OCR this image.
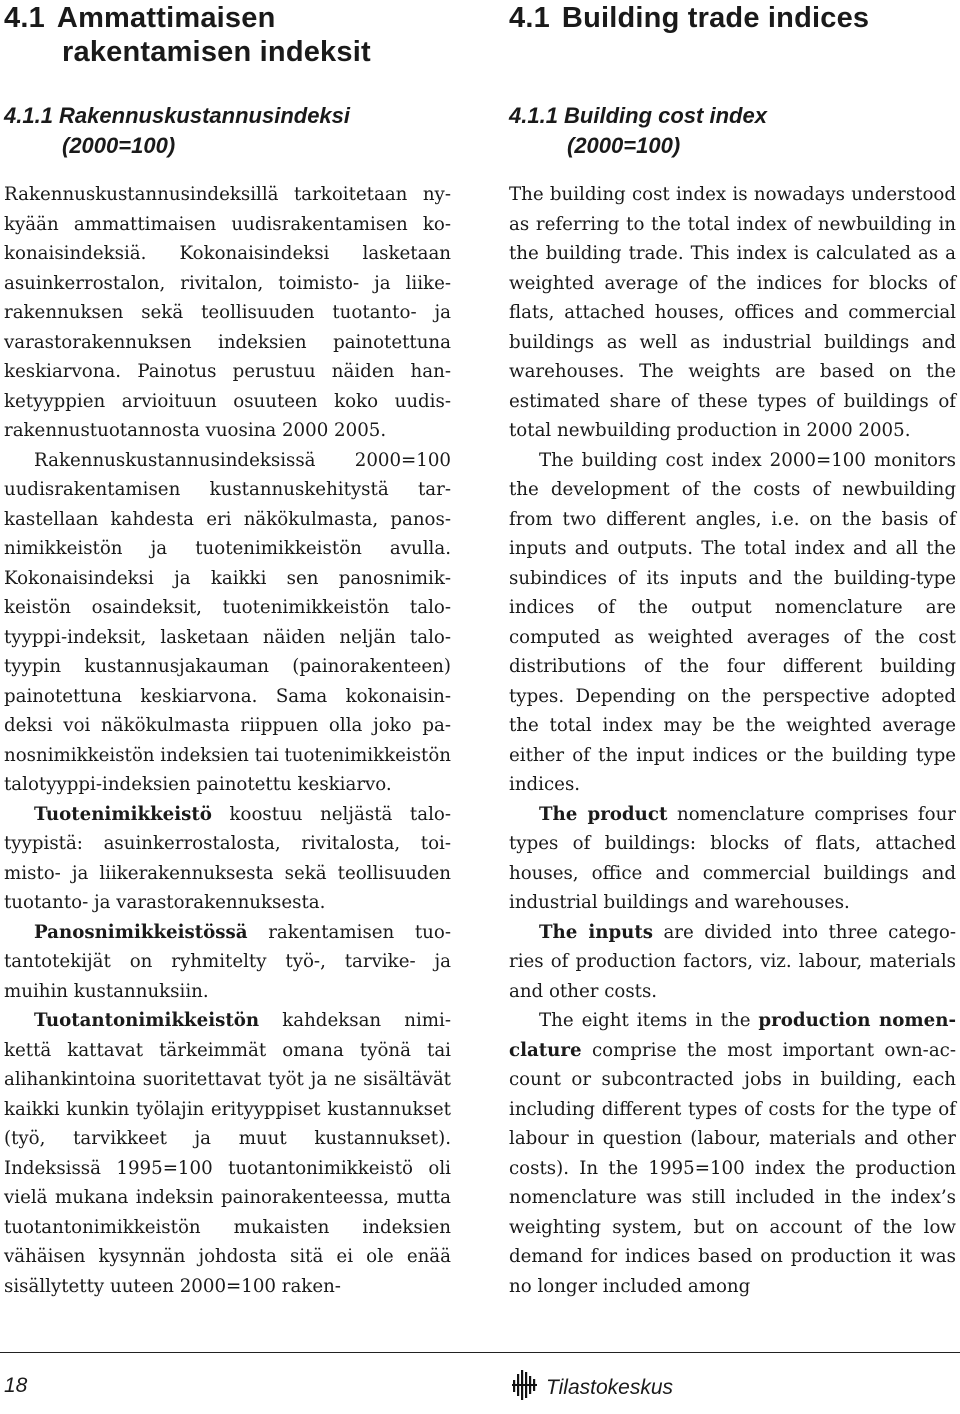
4.1 Ammattimaisen
rakentamisen indeksit
4.1.1 Rakennuskustannusindeksi
(2000=100)

Rakennuskustannusindeksillä tarkoitetaan nykyään ammattimaisen uudisrakentamisen kokonaisindeksiä. Kokonaisindeksi lasketaan asuinkerrostalon, rivitalon, toimisto- ja liikerakennuksen sekä teollisuuden tuotanto- ja varastorakennuksen indeksien painotettuna keskiarvona. Painotus perustuu näiden hanketyyppien arvioituun osuuteen koko uudisrakennustuotannosta vuosina 2000 2005.

Rakennuskustannusindeksissä 2000=100 uudisrakentamisen kustannuskehitystä tarkastellaan kahdesta eri näkökulmasta, panosnimikkeistön ja tuotenimikkeistön avulla. Kokonaisindeksi ja kaikki sen panosnimikkeistön osaindeksit, tuotenimikkeistön talotyyppi-indeksit, lasketaan näiden neljän talotyypin kustannusjakauman (painorakenteen) painotettuna keskiarvona. Sama kokonaisindeksi voi näkökulmasta riippuen olla joko panosnimikkeistön indeksien tai tuotenimikkeistön talotyyppi-indeksien painotettu keskiarvo.

Tuotenimikkeistö koostuu neljästä talotyypistä: asuinkerrostalosta, rivitalosta, toimisto- ja liikerakennuksesta sekä teollisuuden tuotanto- ja varastorakennuksesta.

Panosnimikkeistössä rakentamisen tuotantotekijät on ryhmitelty työ-, tarvike- ja muihin kustannuksiin.

Tuotantonimikkeistön kahdeksan nimikettä kattavat tärkeimmät omana työnä tai alihankintoina suoritettavat työt ja ne sisältävät kaikki kunkin työlajin erityyppiset kustannukset (työ, tarvikkeet ja muut kustannukset). Indeksissä 1995=100 tuotantonimikkeistö oli vielä mukana indeksin painorakenteessa, mutta tuotantonimikkeistön mukaisten indeksien vähäisen kysynnän johdosta sitä ei ole enää sisällytetty uuteen 2000=100 raken-

4.1 Building trade indices
4.1.1 Building cost index
(2000=100)

The building cost index is nowadays understood as referring to the total index of newbuilding in the building trade. This index is calculated as a weighted average of the indices for blocks of flats, attached houses, offices and commercial buildings as well as industrial buildings and warehouses. The weights are based on the estimated share of these types of buildings of total newbuilding production in 2000 2005.

The building cost index 2000=100 monitors the development of the costs of newbuilding from two different angles, i.e. on the basis of inputs and outputs. The total index and all the subindices of its inputs and the building-type indices of the output nomenclature are computed as weighted averages of the cost distributions of the four different building types. Depending on the perspective adopted the total index may be the weighted average either of the input indices or the building type indices.

The product nomenclature comprises four types of buildings: blocks of flats, attached houses, office and commercial buildings and industrial buildings and warehouses.

The inputs are divided into three categories of production factors, viz. labour, materials and other costs.

The eight items in the production nomenclature comprise the most important own-account or subcontracted jobs in building, each including different types of costs for the type of labour in question (labour, materials and other costs). In the 1995=100 index the production nomenclature was still included in the index’s weighting system, but on account of the low demand for indices based on production it was no longer included among

18	Tilastokeskus
